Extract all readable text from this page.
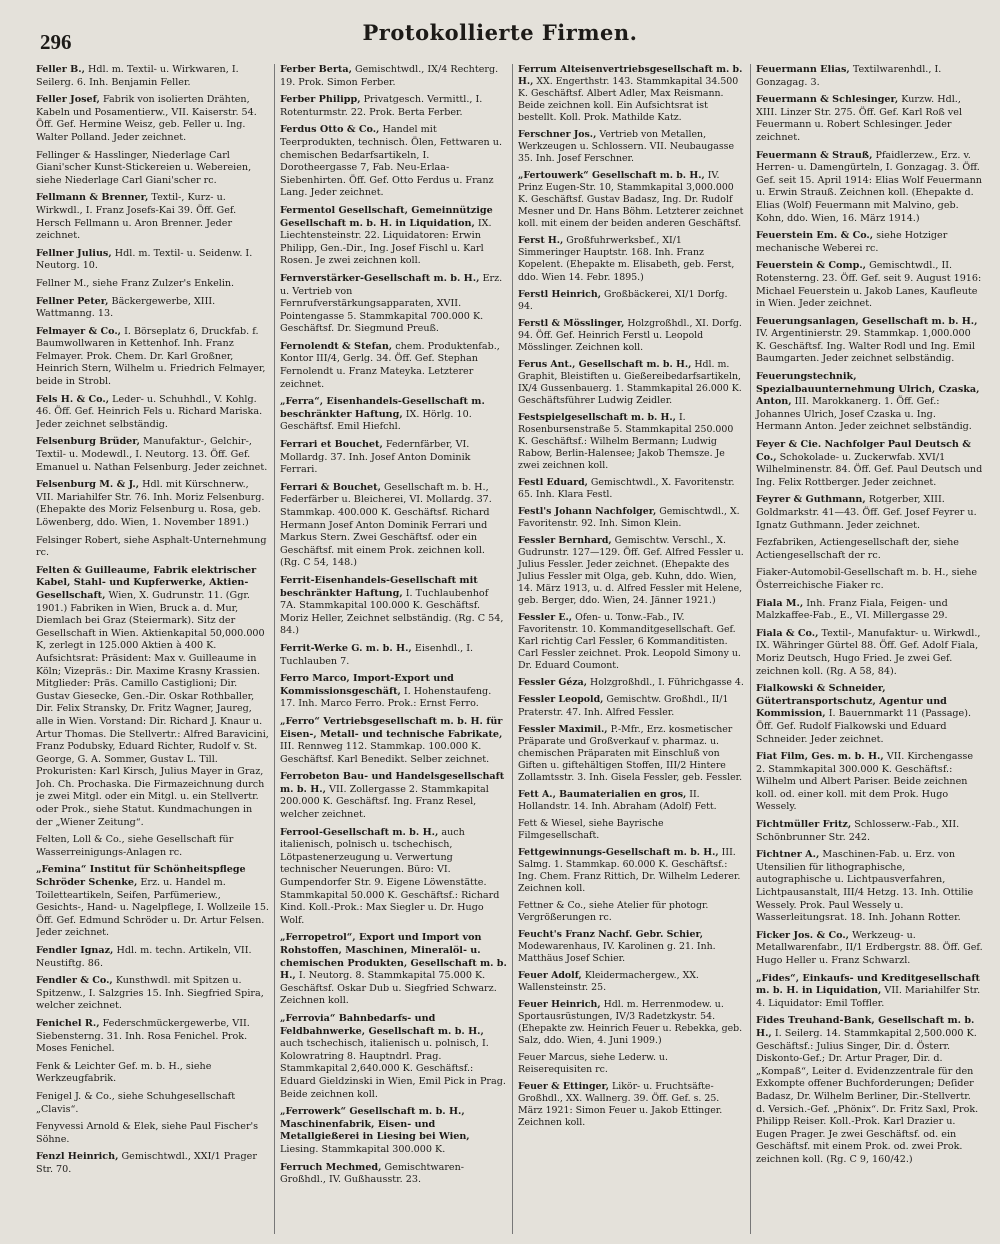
296	Protokollierte Firmen.
Feller B., Hdl. m. Textil- u. Wirkwaren, I. Seilerg. 6. Inh. Benjamin Feller.
Feller Josef, Fabrik von isolierten Drähten, Kabeln und Posamentierw., VII. Kaiserstr. 54. Öff. Gef. Hermine Weisz, geb. Feller u. Ing. Walter Polland. Jeder zeichnet.
Fellinger & Hasslinger, Niederlage Carl Giani'scher Kunst-Stickereien u. Webereien, siehe Niederlage Carl Giani'scher rc.
Fellmann & Brenner, Textil-, Kurz- u. Wirkwdl., I. Franz Josefs-Kai 39. Öff. Gef. Hersch Fellmann u. Aron Brenner. Jeder zeichnet.
Fellner Julius, Hdl. m. Textil- u. Seidenw. I. Neutorg. 10.
Fellner M., siehe Franz Zulzer's Enkelin.
Fellner Peter, Bäckergewerbe, XIII. Wattmanng. 13.
Felmayer & Co., I. Börseplatz 6, Druckfab. f. Baumwollwaren in Kettenhof. Inh. Franz Felmayer. Prok. Chem. Dr. Karl Großner, Heinrich Stern, Wilhelm u. Friedrich Felmayer, beide in Strobl.
Fels H. & Co., Leder- u. Schuhhdl., V. Kohlg. 46. Öff. Gef. Heinrich Fels u. Richard Mariska. Jeder zeichnet selbständig.
Felsenburg Brüder, Manufaktur-, Gelchir-, Textil- u. Modewdl., I. Neutorg. 13. Öff. Gef. Emanuel u. Nathan Felsenburg. Jeder zeichnet.
Felsenburg M. & J., Hdl. mit Kürschnerw., VII. Mariahilfer Str. 76. Inh. Moriz Felsenburg. (Ehepakte des Moriz Felsenburg u. Rosa, geb. Löwenberg, ddo. Wien, 1. November 1891.)
Felsinger Robert, siehe Asphalt-Unternehmung rc.
Felten & Guilleaume, Fabrik elektrischer Kabel, Stahl- und Kupferwerke, Aktien-Gesellschaft, Wien, X. Gudrunstr. 11. (Ggr. 1901.) Fabriken in Wien, Bruck a. d. Mur, Diemlach bei Graz (Steiermark). Sitz der Gesellschaft in Wien. Aktienkapital 50,000.000 K, zerlegt in 125.000 Aktien à 400 K. Aufsichtsrat: Präsident: Max v. Guilleaume in Köln; Vizepräs.: Dir. Maxime Krasny Krassien. Mitglieder: Präs. Camillo Castiglioni; Dir. Gustav Giesecke, Gen.-Dir. Oskar Rothballer, Dir. Felix Stransky, Dr. Fritz Wagner, Jaureg, alle in Wien. Vorstand: Dir. Richard J. Knaur u. Artur Thomas. Die Stellvertr.: Alfred Baravicini, Franz Podubsky, Eduard Richter, Rudolf v. St. George, G. A. Sommer, Gustav L. Till. Prokuristen: Karl Kirsch, Julius Mayer in Graz, Joh. Ch. Prochaska. Die Firmazeichnung durch je zwei Mitgl. oder ein Mitgl. u. ein Stellvertr. oder Prok., siehe Statut. Kundmachungen in der „Wiener Zeitung“.
Felten, Loll & Co., siehe Gesellschaft für Wasserreinigungs-Anlagen rc.
„Femina“ Institut für Schönheitspflege Schröder Schenke, Erz. u. Handel m. Toiletteartikeln, Seifen, Parfümeriew., Gesichts-, Hand- u. Nagelpflege, I. Wollzeile 15. Öff. Gef. Edmund Schröder u. Dr. Artur Felsen. Jeder zeichnet.
Fendler Ignaz, Hdl. m. techn. Artikeln, VII. Neustiftg. 86.
Fendler & Co., Kunsthwdl. mit Spitzen u. Spitzenw., I. Salzgries 15. Inh. Siegfried Spira, welcher zeichnet.
Fenichel R., Federschmückergewerbe, VII. Siebensterng. 31. Inh. Rosa Fenichel. Prok. Moses Fenichel.
Fenk & Leichter Gef. m. b. H., siehe Werkzeugfabrik.
Fenigel J. & Co., siehe Schuhgesellschaft „Clavis“.
Fenyvessi Arnold & Elek, siehe Paul Fischer's Söhne.
Fenzl Heinrich, Gemischtwdl., XXI/1 Prager Str. 70.
Ferber Berta, Gemischtwdl., IX/4 Rechterg. 19. Prok. Simon Ferber.
Ferber Philipp, Privatgesch. Vermittl., I. Rotenturmstr. 22. Prok. Berta Ferber.
Ferdus Otto & Co., Handel mit Teerprodukten, technisch. Ölen, Fettwaren u. chemischen Bedarfsartikeln, I. Dorotheergasse 7, Fab. Neu-Erlaa-Siebenhirten. Öff. Gef. Otto Ferdus u. Franz Lang. Jeder zeichnet.
Fermentol Gesellschaft, Gemeinnützige Gesellschaft m. b. H. in Liquidation, IX. Liechtensteinstr. 22. Liquidatoren: Erwin Philipp, Gen.-Dir., Ing. Josef Fischl u. Karl Rosen. Je zwei zeichnen koll.
Fernverstärker-Gesellschaft m. b. H., Erz. u. Vertrieb von Fernrufverstärkungsapparaten, XVII. Pointengasse 5. Stammkapital 700.000 K. Geschäftsf. Dr. Siegmund Preuß.
Fernolendt & Stefan, chem. Produktenfab., Kontor III/4, Gerlg. 34. Öff. Gef. Stephan Fernolendt u. Franz Mateyka. Letzterer zeichnet.
„Ferra“, Eisenhandels-Gesellschaft m. beschränkter Haftung, IX. Hörlg. 10. Geschäftsf. Emil Hiefchl.
Ferrari et Bouchet, Federnfärber, VI. Mollardg. 37. Inh. Josef Anton Dominik Ferrari.
Ferrari & Bouchet, Gesellschaft m. b. H., Federfärber u. Bleicherei, VI. Mollardg. 37. Stammkap. 400.000 K. Geschäftsf. Richard Hermann Josef Anton Dominik Ferrari und Markus Stern. Zwei Geschäftsf. oder ein Geschäftsf. mit einem Prok. zeichnen koll. (Rg. C 54, 148.)
Ferrit-Eisenhandels-Gesellschaft mit beschränkter Haftung, I. Tuchlaubenhof 7A. Stammkapital 100.000 K. Geschäftsf. Moriz Heller, Zeichnet selbständig. (Rg. C 54, 84.)
Ferrit-Werke G. m. b. H., Eisenhdl., I. Tuchlauben 7.
Ferro Marco, Import-Export und Kommissionsgeschäft, I. Hohenstaufeng. 17. Inh. Marco Ferro. Prok.: Ernst Ferro.
„Ferro“ Vertriebsgesellschaft m. b. H. für Eisen-, Metall- und technische Fabrikate, III. Rennweg 112. Stammkap. 100.000 K. Geschäftsf. Karl Benedikt. Selber zeichnet.
Ferrobeton Bau- und Handelsgesellschaft m. b. H., VII. Zollergasse 2. Stammkapital 200.000 K. Geschäftsf. Ing. Franz Resel, welcher zeichnet.
Ferrool-Gesellschaft m. b. H., auch italienisch, polnisch u. tschechisch, Lötpastenerzeugung u. Verwertung technischer Neuerungen. Büro: VI. Gumpendorfer Str. 9. Eigene Löwenstätte. Stammkapital 50.000 K. Geschäftsf.: Richard Kind. Koll.-Prok.: Max Siegler u. Dr. Hugo Wolf.
„Ferropetrol“, Export und Import von Rohstoffen, Maschinen, Mineralöl- u. chemischen Produkten, Gesellschaft m. b. H., I. Neutorg. 8. Stammkapital 75.000 K. Geschäftsf. Oskar Dub u. Siegfried Schwarz. Zeichnen koll.
„Ferrovia“ Bahnbedarfs- und Feldbahnwerke, Gesellschaft m. b. H., auch tschechisch, italienisch u. polnisch, I. Kolowratring 8. Hauptndrl. Prag. Stammkapital 2,640.000 K. Geschäftsf.: Eduard Gieldzinski in Wien, Emil Pick in Prag. Beide zeichnen koll.
„Ferrowerk“ Gesellschaft m. b. H., Maschinenfabrik, Eisen- und Metallgießerei in Liesing bei Wien, Liesing. Stammkapital 300.000 K.
Ferruch Mechmed, Gemischtwaren-Großhdl., IV. Gußhausstr. 23.
Ferrum Alteisenvertriebsgesellschaft m. b. H., XX. Engerthstr. 143. Stammkapital 34.500 K. Geschäftsf. Albert Adler, Max Reismann. Beide zeichnen koll. Ein Aufsichtsrat ist bestellt. Koll. Prok. Mathilde Katz.
Ferschner Jos., Vertrieb von Metallen, Werkzeugen u. Schlossern. VII. Neubaugasse 35. Inh. Josef Ferschner.
„Fertouwerk“ Gesellschaft m. b. H., IV. Prinz Eugen-Str. 10, Stammkapital 3,000.000 K. Geschäftsf. Gustav Badasz, Ing. Dr. Rudolf Mesner und Dr. Hans Böhm. Letzterer zeichnet koll. mit einem der beiden anderen Geschäftsf.
Ferst H., Großfuhrwerksbef., XI/1 Simmeringer Hauptstr. 168. Inh. Franz Kopelent. (Ehepakte m. Elisabeth, geb. Ferst, ddo. Wien 14. Febr. 1895.)
Ferstl Heinrich, Großbäckerei, XI/1 Dorfg. 94.
Ferstl & Mösslinger, Holzgroßhdl., XI. Dorfg. 94. Öff. Gef. Heinrich Ferstl u. Leopold Mösslinger. Zeichnen koll.
Ferus Ant., Gesellschaft m. b. H., Hdl. m. Graphit, Bleistiften u. Gießereibedarfsartikeln, IX/4 Gussenbauerg. 1. Stammkapital 26.000 K. Geschäftsführer Ludwig Zeidler.
Festspielgesellschaft m. b. H., I. Rosenbursenstraße 5. Stammkapital 250.000 K. Geschäftsf.: Wilhelm Bermann; Ludwig Rabow, Berlin-Halensee; Jakob Themsze. Je zwei zeichnen koll.
Festl Eduard, Gemischtwdl., X. Favoritenstr. 65. Inh. Klara Festl.
Festl's Johann Nachfolger, Gemischtwdl., X. Favoritenstr. 92. Inh. Simon Klein.
Fessler Bernhard, Gemischtw. Verschl., X. Gudrunstr. 127—129. Öff. Gef. Alfred Fessler u. Julius Fessler. Jeder zeichnet. (Ehepakte des Julius Fessler mit Olga, geb. Kuhn, ddo. Wien, 14. März 1913, u. d. Alfred Fessler mit Helene, geb. Berger, ddo. Wien, 24. Jänner 1921.)
Fessler E., Ofen- u. Tonw.-Fab., IV. Favoritenstr. 10. Kommanditgesellschaft. Gef. Karl richtig Carl Fessler, 6 Kommanditisten. Carl Fessler zeichnet. Prok. Leopold Simony u. Dr. Eduard Coumont.
Fessler Géza, Holzgroßhdl., I. Führichgasse 4.
Fessler Leopold, Gemischtw. Großhdl., II/1 Praterstr. 47. Inh. Alfred Fessler.
Fessler Maximil., P.-Mfr., Erz. kosmetischer Präparate und Großverkauf v. pharmaz. u. chemischen Präparaten mit Einschluß von Giften u. giftehältigen Stoffen, III/2 Hintere Zollamtsstr. 3. Inh. Gisela Fessler, geb. Fessler.
Fett A., Baumaterialien en gros, II. Hollandstr. 14. Inh. Abraham (Adolf) Fett.
Fett & Wiesel, siehe Bayrische Filmgesellschaft.
Fettgewinnungs-Gesellschaft m. b. H., III. Salmg. 1. Stammkap. 60.000 K. Geschäftsf.: Ing. Chem. Franz Rittich, Dr. Wilhelm Lederer. Zeichnen koll.
Fettner & Co., siehe Atelier für photogr. Vergrößerungen rc.
Feucht's Franz Nachf. Gebr. Schier, Modewarenhaus, IV. Karolinen g. 21. Inh. Matthäus Josef Schier.
Feuer Adolf, Kleidermachergew., XX. Wallensteinstr. 25.
Feuer Heinrich, Hdl. m. Herrenmodew. u. Sportausrüstungen, IV/3 Radetzkystr. 54. (Ehepakte zw. Heinrich Feuer u. Rebekka, geb. Salz, ddo. Wien, 4. Juni 1909.)
Feuer Marcus, siehe Lederw. u. Reiserequisiten rc.
Feuer & Ettinger, Likör- u. Fruchtsäfte-Großhdl., XX. Wallnerg. 39. Öff. Gef. s. 25. März 1921: Simon Feuer u. Jakob Ettinger. Zeichnen koll.
Feuermann Elias, Textilwarenhdl., I. Gonzagag. 3.
Feuermann & Schlesinger, Kurzw. Hdl., XIII. Linzer Str. 275. Öff. Gef. Karl Roß vel Feuermann u. Robert Schlesinger. Jeder zeichnet.
Feuermann & Strauß, Pfaidlerzew., Erz. v. Herren- u. Damengürteln, I. Gonzagag. 3. Öff. Gef. seit 15. April 1914: Elias Wolf Feuermann u. Erwin Strauß. Zeichnen koll. (Ehepakte d. Elias (Wolf) Feuermann mit Malvino, geb. Kohn, ddo. Wien, 16. März 1914.)
Feuerstein Em. & Co., siehe Hotziger mechanische Weberei rc.
Feuerstein & Comp., Gemischtwdl., II. Rotensterng. 23. Öff. Gef. seit 9. August 1916: Michael Feuerstein u. Jakob Lanes, Kaufleute in Wien. Jeder zeichnet.
Feuerungsanlagen, Gesellschaft m. b. H., IV. Argentinierstr. 29. Stammkap. 1,000.000 K. Geschäftsf. Ing. Walter Rodl und Ing. Emil Baumgarten. Jeder zeichnet selbständig.
Feuerungstechnik, Spezialbauunternehmung Ulrich, Czaska, Anton, III. Marokkanerg. 1. Öff. Gef.: Johannes Ulrich, Josef Czaska u. Ing. Hermann Anton. Jeder zeichnet selbständig.
Feyer & Cie. Nachfolger Paul Deutsch & Co., Schokolade- u. Zuckerwfab. XVI/1 Wilhelminenstr. 84. Öff. Gef. Paul Deutsch und Ing. Felix Rottberger. Jeder zeichnet.
Feyrer & Guthmann, Rotgerber, XIII. Goldmarkstr. 41—43. Öff. Gef. Josef Feyrer u. Ignatz Guthmann. Jeder zeichnet.
Fezfabriken, Actiengesellschaft der, siehe Actiengesellschaft der rc.
Fiaker-Automobil-Gesellschaft m. b. H., siehe Österreichische Fiaker rc.
Fiala M., Inh. Franz Fiala, Feigen- und Malzkaffee-Fab., E., VI. Millergasse 29.
Fiala & Co., Textil-, Manufaktur- u. Wirkwdl., IX. Währinger Gürtel 88. Öff. Gef. Adolf Fiala, Moriz Deutsch, Hugo Fried. Je zwei Gef. zeichnen koll. (Rg. A 58, 84).
Fialkowski & Schneider, Gütertransportschutz, Agentur und Kommission, I. Bauernmarkt 11 (Passage). Öff. Gef. Rudolf Fialkowski und Eduard Schneider. Jeder zeichnet.
Fiat Film, Ges. m. b. H., VII. Kirchengasse 2. Stammkapital 300.000 K. Geschäftsf.: Wilhelm und Albert Pariser. Beide zeichnen koll. od. einer koll. mit dem Prok. Hugo Wessely.
Fichtmüller Fritz, Schlosserw.-Fab., XII. Schönbrunner Str. 242.
Fichtner A., Maschinen-Fab. u. Erz. von Utensilien für lithographische, autographische u. Lichtpausverfahren, Lichtpausanstalt, III/4 Hetzg. 13. Inh. Ottilie Wessely. Prok. Paul Wessely u. Wasserleitungsrat. 18. Inh. Johann Rotter.
Ficker Jos. & Co., Werkzeug- u. Metallwarenfabr., II/1 Erdbergstr. 88. Öff. Gef. Hugo Heller u. Franz Schwarzl.
„Fides“, Einkaufs- und Kreditgesellschaft m. b. H. in Liquidation, VII. Mariahilfer Str. 4. Liquidator: Emil Toffler.
Fides Treuhand-Bank, Gesellschaft m. b. H., I. Seilerg. 14. Stammkapital 2,500.000 K. Geschäftsf.: Julius Singer, Dir. d. Österr. Diskonto-Gef.; Dr. Artur Prager, Dir. d. „Kompaß“, Leiter d. Evidenzzentrale für den Exkompte offener Buchforderungen; Deſider Badasz, Dr. Wilhelm Berliner, Dir.-Stellvertr. d. Versich.-Gef. „Phönix“. Dr. Fritz Saxl, Prok. Philipp Reiser. Koll.-Prok. Karl Drazier u. Eugen Prager. Je zwei Geschäftsf. od. ein Geschäftsf. mit einem Prok. od. zwei Prok. zeichnen koll. (Rg. C 9, 160/42.)
